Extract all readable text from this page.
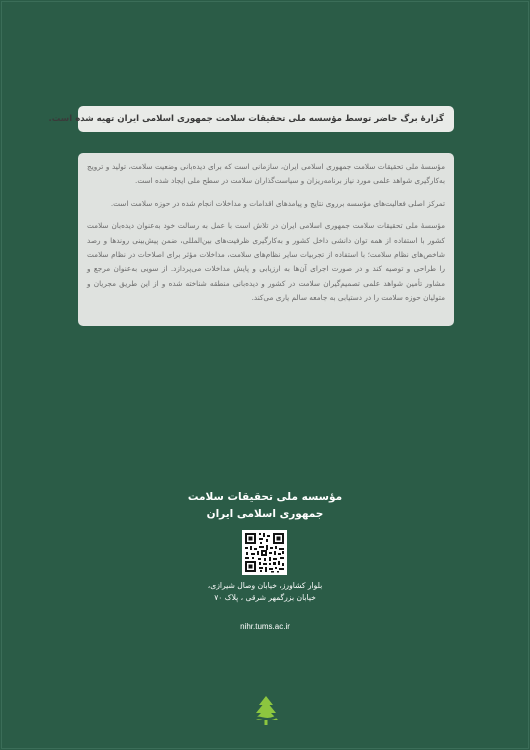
گزارهٔ برگ حاضر توسط مؤسسه ملی تحقیقات سلامت جمهوری اسلامی ایران تهیه شده است.

مؤسسهٔ ملی تحقیقات سلامت جمهوری اسلامی ایران، سازمانی است که برای دیده‌بانی وضعیت سلامت، تولید و ترویج به‌کارگیری شواهد علمی مورد نیاز برنامه‌ریزان و سیاست‌گذاران سلامت در سطح ملی ایجاد شده است.

تمرکز اصلی فعالیت‌های مؤسسه برروی نتایج و پیامدهای اقدامات و مداخلات انجام شده در حوزه سلامت است.

مؤسسهٔ ملی تحقیقات سلامت جمهوری اسلامی ایران در تلاش است با عمل به رسالت خود به‌عنوان دیده‌بان سلامت کشور با استفاده از همه توان دانشی داخل کشور و به‌کارگیری ظرفیت‌های بین‌المللی، ضمن پیش‌بینی روندها و رصد شاخص‌های نظام سلامت؛ با استفاده از تجربیات سایر نظام‌های سلامت، مداخلات مؤثر برای اصلاحات در نظام سلامت را طراحی و توصیه کند و در صورت اجرای آن‌ها به ارزیابی و پایش مداخلات می‌پردازد. از سویی به‌عنوان مرجع و مشاور تأمین شواهد علمی تصمیم‌گیران سلامت در کشور و دیده‌بانی منطقه شناخته شده و از این طریق مجریان و متولیان حوزه سلامت را در دستیابی به جامعه سالم یاری می‌کند.

مؤسسه ملی تحقیقات سلامت
جمهوری اسلامی ایران
بلوار کشاورز، خیابان وصال شیرازی،
خیابان بزرگمهر شرقی ، پلاک ۷۰
nihr.tums.ac.ir
